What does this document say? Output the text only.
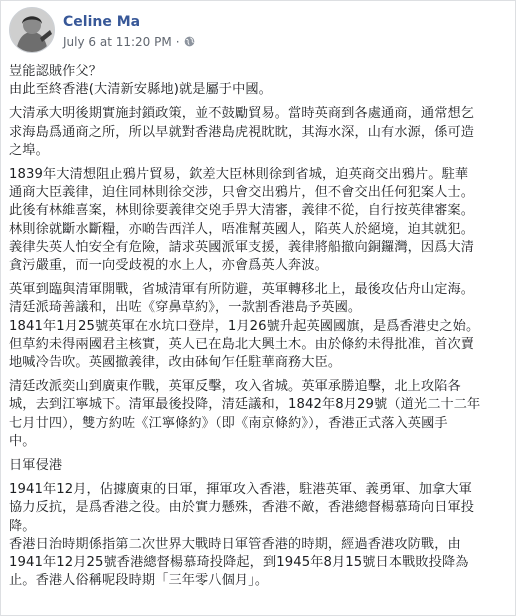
Celine Ma
July 6 at 11:20 PM ·
豈能認賊作父？
由此至終香港(大清新安縣地)就是屬于中國。
大清承大明後期實施封鎖政策，並不鼓勵貿易。當時英商到各處通商，通常想乞
求海島爲通商之所，所以早就對香港島虎視眈眈，其海水深，山有水源，係可造
之埠。
1839年大清想阻止鴉片貿易，欽差大臣林則徐到省城，迫英商交出鴉片。駐華
通商大臣義律，迫住同林則徐交涉，只會交出鴉片，但不會交出任何犯案人士。
此後有林維喜案，林則徐要義律交兇手畀大清審，義律不從，自行按英律審案。
林則徐就斷水斷糧，亦啲告西洋人，唔准幫英國人，陷英人於絕境，迫其就犯。
義律失英人怕安全有危險，請求英國派軍支援，義律將船撤向銅鑼灣，因爲大清
貪污嚴重，而一向受歧視的水上人，亦會爲英人奔波。
英軍到臨與清軍開戰，省城清軍有所防避，英軍轉移北上，最後攻佔舟山定海。
清廷派琦善議和，出咗《穿鼻草約》，一款割香港島予英國。
1841年1月25號英軍在水坑口登岸，1月26號升起英國國旗，是爲香港史之始。
但草約未得兩國君主核實，英人已在島北大興土木。由於條約未得批准，首次賣
地喊冷告吹。英國撤義律，改由砵甸乍任駐華商務大臣。
清廷改派奕山到廣東作戰，英軍反擊，攻入省城。英軍承勝追擊，北上攻陷各
城，去到江寧城下。清軍最後投降，清廷議和，1842年8月29號（道光二十二年
七月廿四），雙方約咗《江寧條約》（即《南京條約》），香港正式落入英國手
中。
日軍侵港
1941年12月，佔據廣東的日軍，揮軍攻入香港，駐港英軍、義勇軍、加拿大軍
協力反抗，是爲香港之役。由於實力懸殊，香港不敵，香港總督楊慕琦向日軍投
降。
香港日治時期係指第二次世界大戰時日軍管香港的時期，經過香港攻防戰，由
1941年12月25號香港總督楊慕琦投降起，到1945年8月15號日本戰敗投降為
止。香港人俗稱呢段時期「三年零八個月」。
